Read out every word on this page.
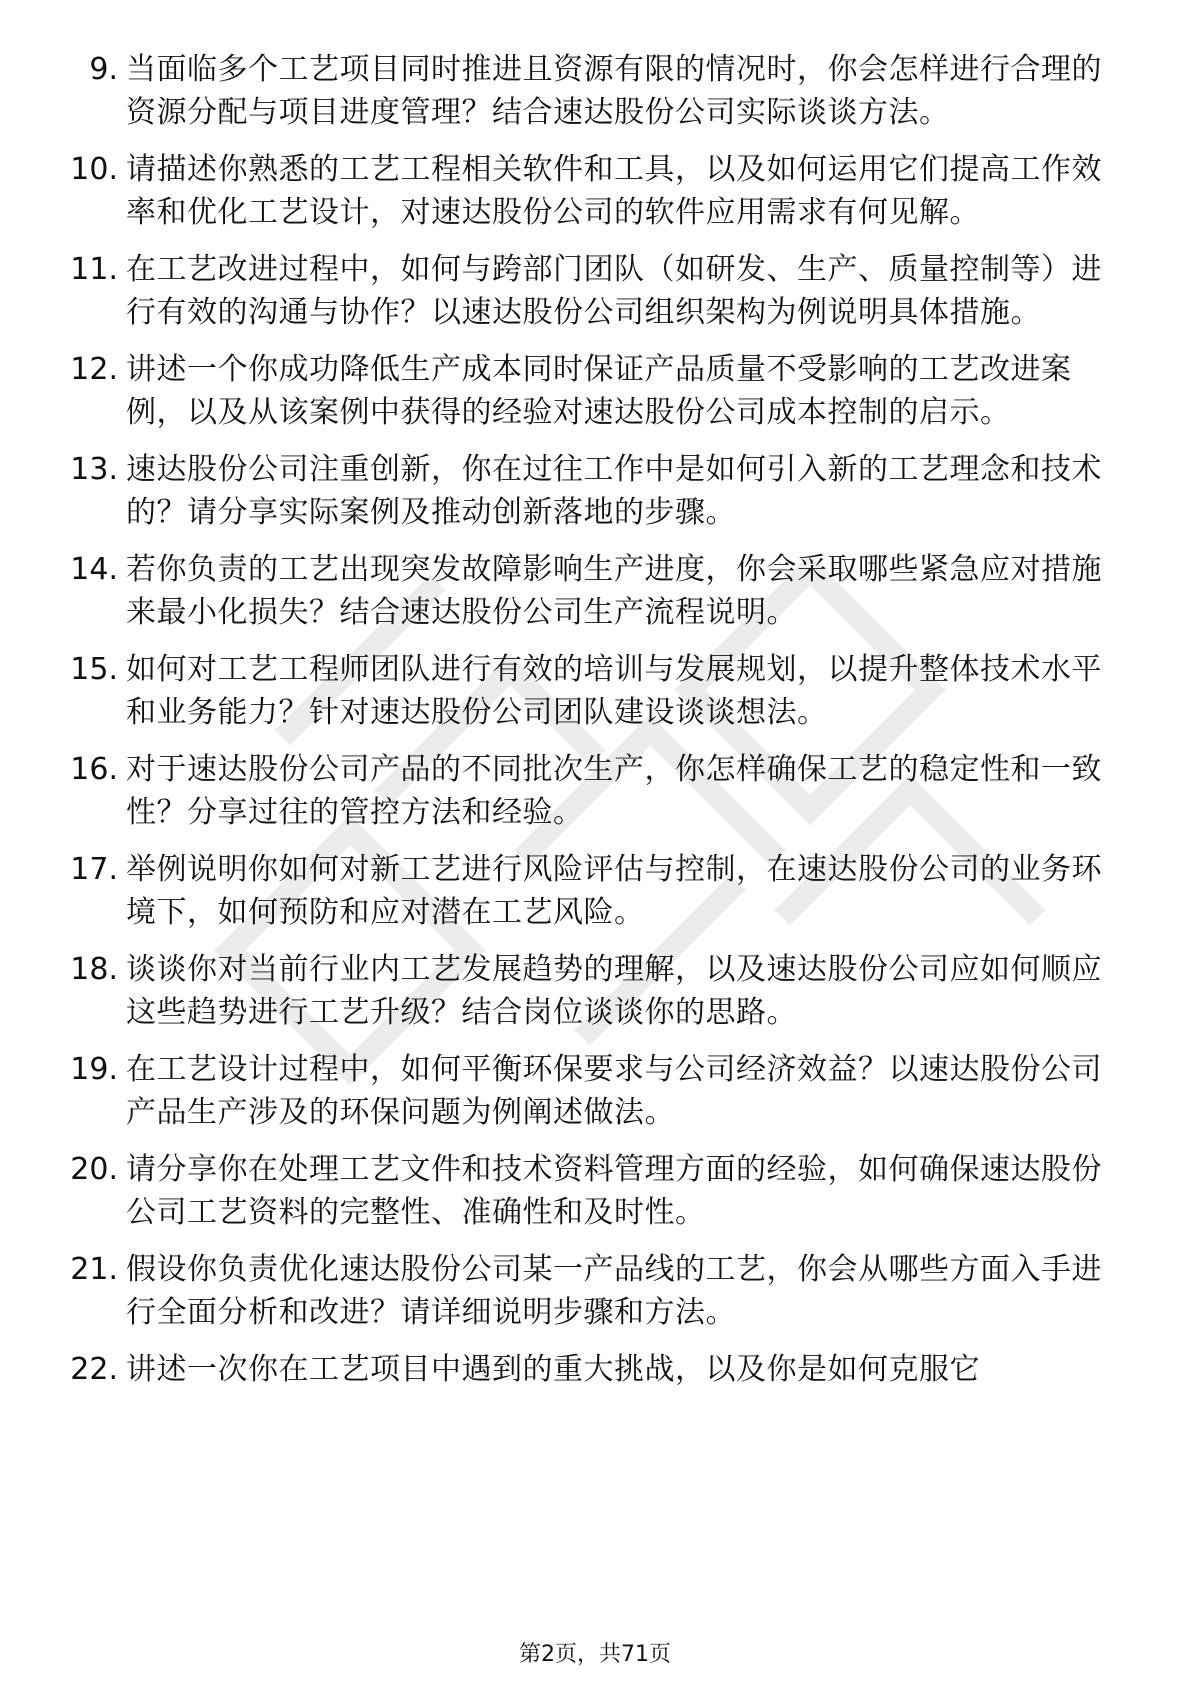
9. 当面临多个工艺项目同时推进且资源有限的情况时，你会怎样进行合理的资源分配与项目进度管理？结合速达股份公司实际谈谈方法。
10. 请描述你熟悉的工艺工程相关软件和工具，以及如何运用它们提高工作效率和优化工艺设计，对速达股份公司的软件应用需求有何见解。
11. 在工艺改进过程中，如何与跨部门团队（如研发、生产、质量控制等）进行有效的沟通与协作？以速达股份公司组织架构为例说明具体措施。
12. 讲述一个你成功降低生产成本同时保证产品质量不受影响的工艺改进案例，以及从该案例中获得的经验对速达股份公司成本控制的启示。
13. 速达股份公司注重创新，你在过往工作中是如何引入新的工艺理念和技术的？请分享实际案例及推动创新落地的步骤。
14. 若你负责的工艺出现突发故障影响生产进度，你会采取哪些紧急应对措施来最小化损失？结合速达股份公司生产流程说明。
15. 如何对工艺工程师团队进行有效的培训与发展规划，以提升整体技术水平和业务能力？针对速达股份公司团队建设谈谈想法。
16. 对于速达股份公司产品的不同批次生产，你怎样确保工艺的稳定性和一致性？分享过往的管控方法和经验。
17. 举例说明你如何对新工艺进行风险评估与控制，在速达股份公司的业务环境下，如何预防和应对潜在工艺风险。
18. 谈谈你对当前行业内工艺发展趋势的理解，以及速达股份公司应如何顺应这些趋势进行工艺升级？结合岗位谈谈你的思路。
19. 在工艺设计过程中，如何平衡环保要求与公司经济效益？以速达股份公司产品生产涉及的环保问题为例阐述做法。
20. 请分享你在处理工艺文件和技术资料管理方面的经验，如何确保速达股份公司工艺资料的完整性、准确性和及时性。
21. 假设你负责优化速达股份公司某一产品线的工艺，你会从哪些方面入手进行全面分析和改进？请详细说明步骤和方法。
22. 讲述一次你在工艺项目中遇到的重大挑战，以及你是如何克服它
第2页，共71页
